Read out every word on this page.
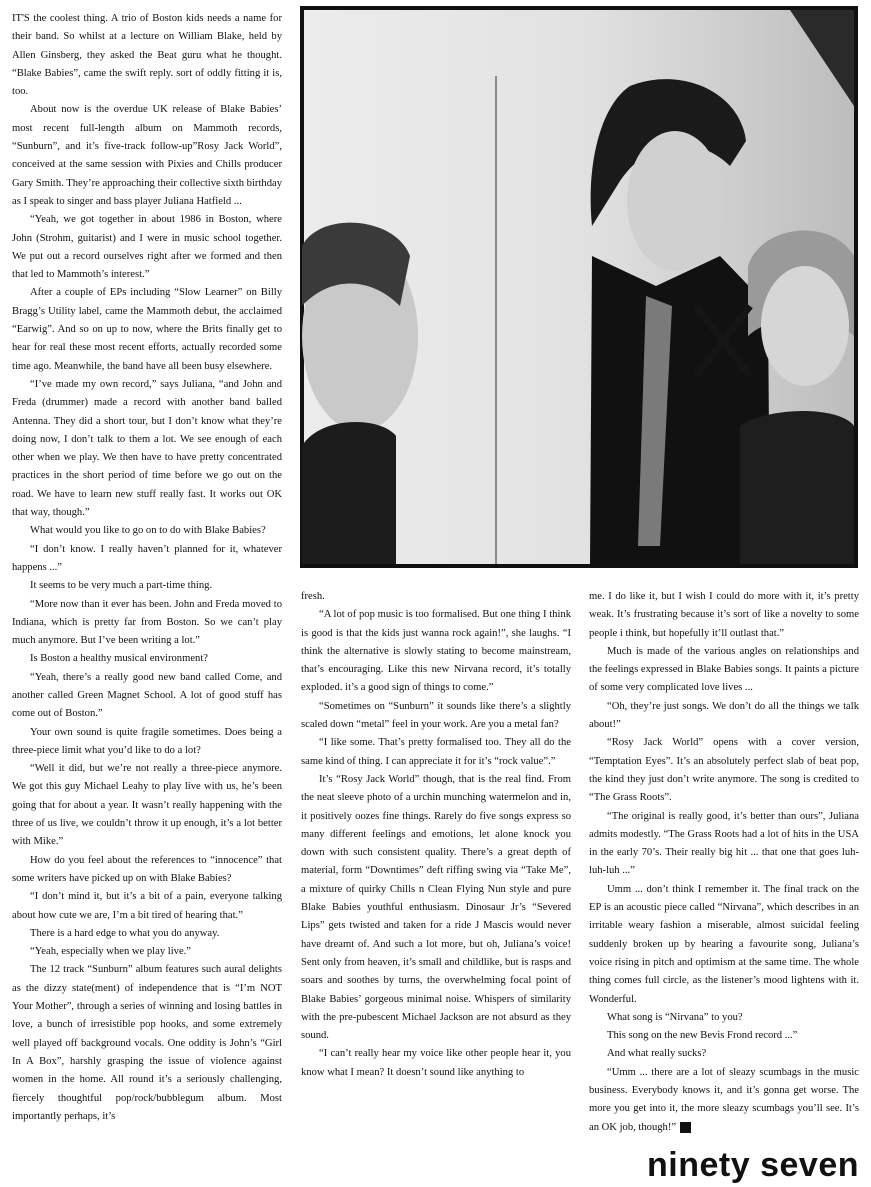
IT'S the coolest thing. A trio of Boston kids needs a name for their band. So whilst at a lecture on William Blake, held by Allen Ginsberg, they asked the Beat guru what he thought. “Blake Babies”, came the swift reply. sort of oddly fitting it is, too.

About now is the overdue UK release of Blake Babies’ most recent full-length album on Mammoth records, “Sunburn”, and it’s five-track follow-up”Rosy Jack World”, conceived at the same session with Pixies and Chills producer Gary Smith. They’re approaching their collective sixth birthday as I speak to singer and bass player Juliana Hatfield ...

“Yeah, we got together in about 1986 in Boston, where John (Strohm, guitarist) and I were in music school together. We put out a record ourselves right after we formed and then that led to Mammoth’s interest.”

After a couple of EPs including “Slow Learner” on Billy Bragg’s Utility label, came the Mammoth debut, the acclaimed “Earwig”. And so on up to now, where the Brits finally get to hear for real these most recent efforts, actually recorded some time ago. Meanwhile, the band have all been busy elsewhere.

“I’ve made my own record,” says Juliana, “and John and Freda (drummer) made a record with another band balled Antenna. They did a short tour, but I don’t know what they’re doing now, I don’t talk to them a lot. We see enough of each other when we play. We then have to have pretty concentrated practices in the short period of time before we go out on the road. We have to learn new stuff really fast. It works out OK that way, though.”

What would you like to go on to do with Blake Babies?

“I don’t know. I really haven’t planned for it, whatever happens ...”

It seems to be very much a part-time thing.

“More now than it ever has been. John and Freda moved to Indiana, which is pretty far from Boston. So we can’t play much anymore. But I’ve been writing a lot.”

Is Boston a healthy musical environment?

“Yeah, there’s a really good new band called Come, and another called Green Magnet School. A lot of good stuff has come out of Boston.”

Your own sound is quite fragile sometimes. Does being a three-piece limit what you’d like to do a lot?

“Well it did, but we’re not really a three-piece anymore. We got this guy Michael Leahy to play live with us, he’s been going that for about a year. It wasn’t really happening with the three of us live, we couldn’t throw it up enough, it’s a lot better with Mike.”

How do you feel about the references to “innocence” that some writers have picked up on with Blake Babies?

“I don’t mind it, but it’s a bit of a pain, everyone talking about how cute we are, I’m a bit tired of hearing that.”

There is a hard edge to what you do anyway.

“Yeah, especially when we play live.”

The 12 track “Sunburn” album features such aural delights as the dizzy state(ment) of independence that is “I’m NOT Your Mother”, through a series of winning and losing battles in love, a bunch of irresistible pop hooks, and some extremely well played off background vocals. One oddity is John’s “Girl In A Box”, harshly grasping the issue of violence against women in the home. All round it’s a seriously challenging, fiercely thoughtful pop/rock/bubblegum album. Most importantly perhaps, it’s

fresh.

“A lot of pop music is too formalised. But one thing I think is good is that the kids just wanna rock again!”, she laughs. “I think the alternative is slowly stating to become mainstream, that’s encouraging. Like this new Nirvana record, it’s totally exploded. it’s a good sign of things to come.”

“Sometimes on “Sunburn” it sounds like there’s a slightly scaled down “metal” feel in your work. Are you a metal fan?

“I like some. That’s pretty formalised too. They all do the same kind of thing. I can appreciate it for it’s “rock value”.”

It’s “Rosy Jack World” though, that is the real find. From the neat sleeve photo of a urchin munching watermelon and in, it positively oozes fine things. Rarely do five songs express so many different feelings and emotions, let alone knock you down with such consistent quality. There’s a great depth of material, form “Downtimes” deft riffing swing via “Take Me”, a mixture of quirky Chills n Clean Flying Nun style and pure Blake Babies youthful enthusiasm. Dinosaur Jr’s “Severed Lips” gets twisted and taken for a ride J Mascis would never have dreamt of. And such a lot more, but oh, Juliana’s voice! Sent only from heaven, it’s small and childlike, but is rasps and soars and soothes by turns, the overwhelming focal point of Blake Babies’ gorgeous minimal noise. Whispers of similarity with the pre-pubescent Michael Jackson are not absurd as they sound.

“I can’t really hear my voice like other people hear it, you know what I mean? It doesn’t sound like anything to

me. I do like it, but I wish I could do more with it, it’s pretty weak. It’s frustrating because it’s sort of like a novelty to some people i think, but hopefully it’ll outlast that.”

Much is made of the various angles on relationships and the feelings expressed in Blake Babies songs. It paints a picture of some very complicated love lives ...

“Oh, they’re just songs. We don’t do all the things we talk about!”

“Rosy Jack World” opens with a cover version, “Temptation Eyes”. It’s an absolutely perfect slab of beat pop, the kind they just don’t write anymore. The song is credited to “The Grass Roots”.

“The original is really good, it’s better than ours”, Juliana admits modestly. “The Grass Roots had a lot of hits in the USA in the early 70’s. Their really big hit ... that one that goes luh-luh-luh ...”

Umm ... don’t think I remember it. The final track on the EP is an acoustic piece called “Nirvana”, which describes in an irritable weary fashion a miserable, almost suicidal feeling suddenly broken up by hearing a favourite song, Juliana’s voice rising in pitch and optimism at the same time. The whole thing comes full circle, as the listener’s mood lightens with it. Wonderful.

What song is “Nirvana” to you?

This song on the new Bevis Frond record ...”

And what really sucks?

“Umm ... there are a lot of sleazy scumbags in the music business. Everybody knows it, and it’s gonna get worse. The more you get into it, the more sleazy scumbags you’ll see. It’s an OK job, though!”

ninety seven
